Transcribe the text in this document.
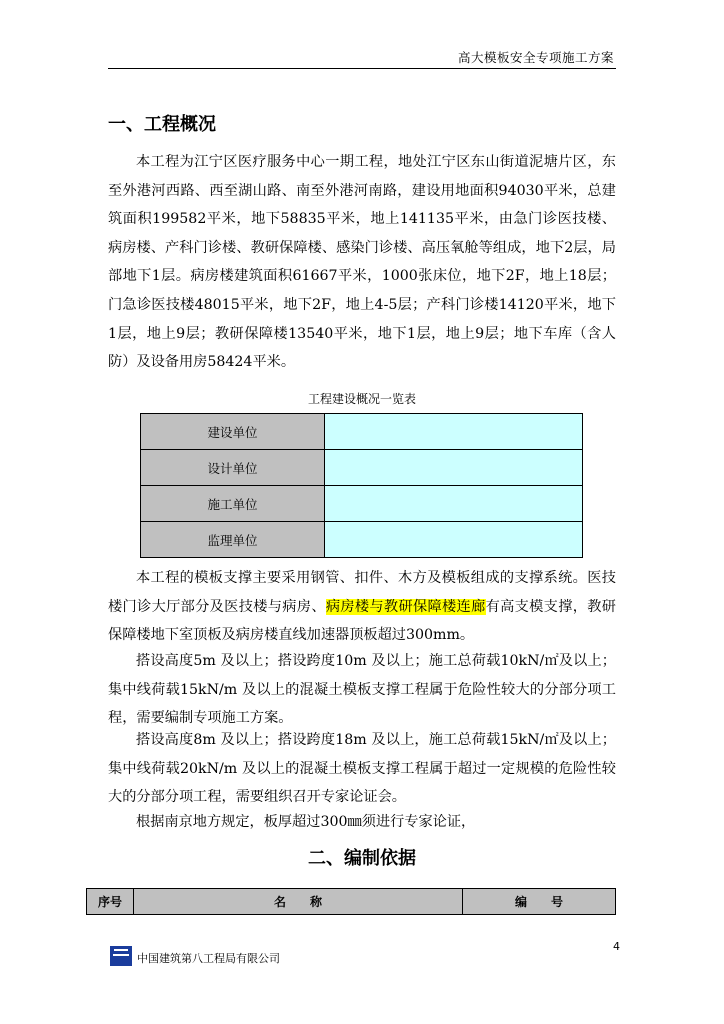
高大模板安全专项施工方案
一、工程概况
本工程为江宁区医疗服务中心一期工程，地处江宁区东山街道泥塘片区，东至外港河西路、西至湖山路、南至外港河南路，建设用地面积94030平米，总建筑面积199582平米，地下58835平米，地上141135平米，由急门诊医技楼、病房楼、产科门诊楼、教研保障楼、感染门诊楼、高压氧舱等组成，地下2层，局部地下1层。病房楼建筑面积61667平米，1000张床位，地下2F，地上18层；门急诊医技楼48015平米，地下2F，地上4-5层；产科门诊楼14120平米，地下1层，地上9层；教研保障楼13540平米，地下1层，地上9层；地下车库（含人防）及设备用房58424平米。
工程建设概况一览表
建设单位	
设计单位	
施工单位	
监理单位	
本工程的模板支撑主要采用钢管、扣件、木方及模板组成的支撑系统。医技楼门诊大厅部分及医技楼与病房、病房楼与教研保障楼连廊有高支模支撑，教研保障楼地下室顶板及病房楼直线加速器顶板超过300mm。
搭设高度5m 及以上；搭设跨度10m 及以上；施工总荷载10kN/㎡及以上；集中线荷载15kN/m 及以上的混凝土模板支撑工程属于危险性较大的分部分项工程，需要编制专项施工方案。
搭设高度8m 及以上；搭设跨度18m 及以上，施工总荷载15kN/㎡及以上；集中线荷载20kN/m 及以上的混凝土模板支撑工程属于超过一定规模的危险性较大的分部分项工程，需要组织召开专家论证会。
根据南京地方规定，板厚超过300㎜须进行专家论证，
二、编制依据
序号	名　　称	编　　号
4
中国建筑第八工程局有限公司
